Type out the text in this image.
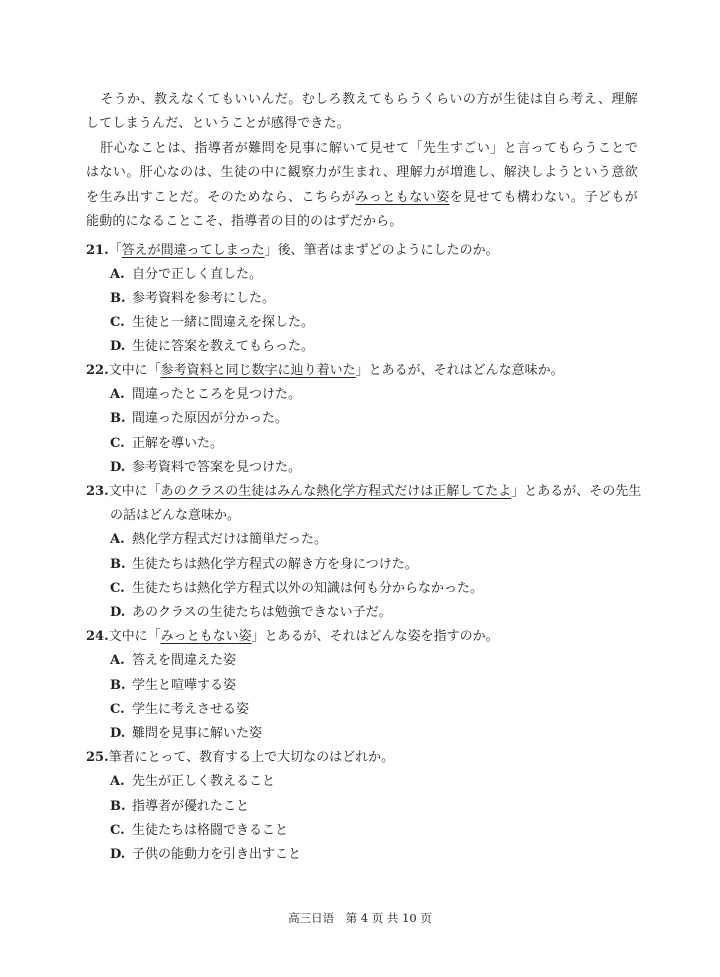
そうか、教えなくてもいいんだ。むしろ教えてもらうくらいの方が生徒は自ら考え、理解してしまうんだ、ということが感得できた。

肝心なことは、指導者が難問を見事に解いて見せて「先生すごい」と言ってもらうことではない。肝心なのは、生徒の中に観察力が生まれ、理解力が増進し、解決しようという意欲を生み出すことだ。そのためなら、こちらがみっともない姿を見せても構わない。子どもが能動的になることこそ、指導者の目的のはずだから。

21.「答えが間違ってしまった」後、筆者はまずどのようにしたのか。
A. 自分で正しく直した。
B. 参考資料を参考にした。
C. 生徒と一緒に間違えを探した。
D. 生徒に答案を教えてもらった。
22.文中に「参考資料と同じ数字に辿り着いた」とあるが、それはどんな意味か。
A. 間違ったところを見つけた。
B. 間違った原因が分かった。
C. 正解を導いた。
D. 参考資料で答案を見つけた。
23.文中に「あのクラスの生徒はみんな熱化学方程式だけは正解してたよ」とあるが、その先生
の話はどんな意味か。
A. 熱化学方程式だけは簡単だった。
B. 生徒たちは熱化学方程式の解き方を身につけた。
C. 生徒たちは熱化学方程式以外の知識は何も分からなかった。
D. あのクラスの生徒たちは勉強できない子だ。
24.文中に「みっともない姿」とあるが、それはどんな姿を指すのか。
A. 答えを間違えた姿
B. 学生と喧嘩する姿
C. 学生に考えさせる姿
D. 難問を見事に解いた姿
25.筆者にとって、教育する上で大切なのはどれか。
A. 先生が正しく教えること
B. 指導者が優れたこと
C. 生徒たちは格闘できること
D. 子供の能動力を引き出すこと
高三日语　第 4 页 共 10 页
